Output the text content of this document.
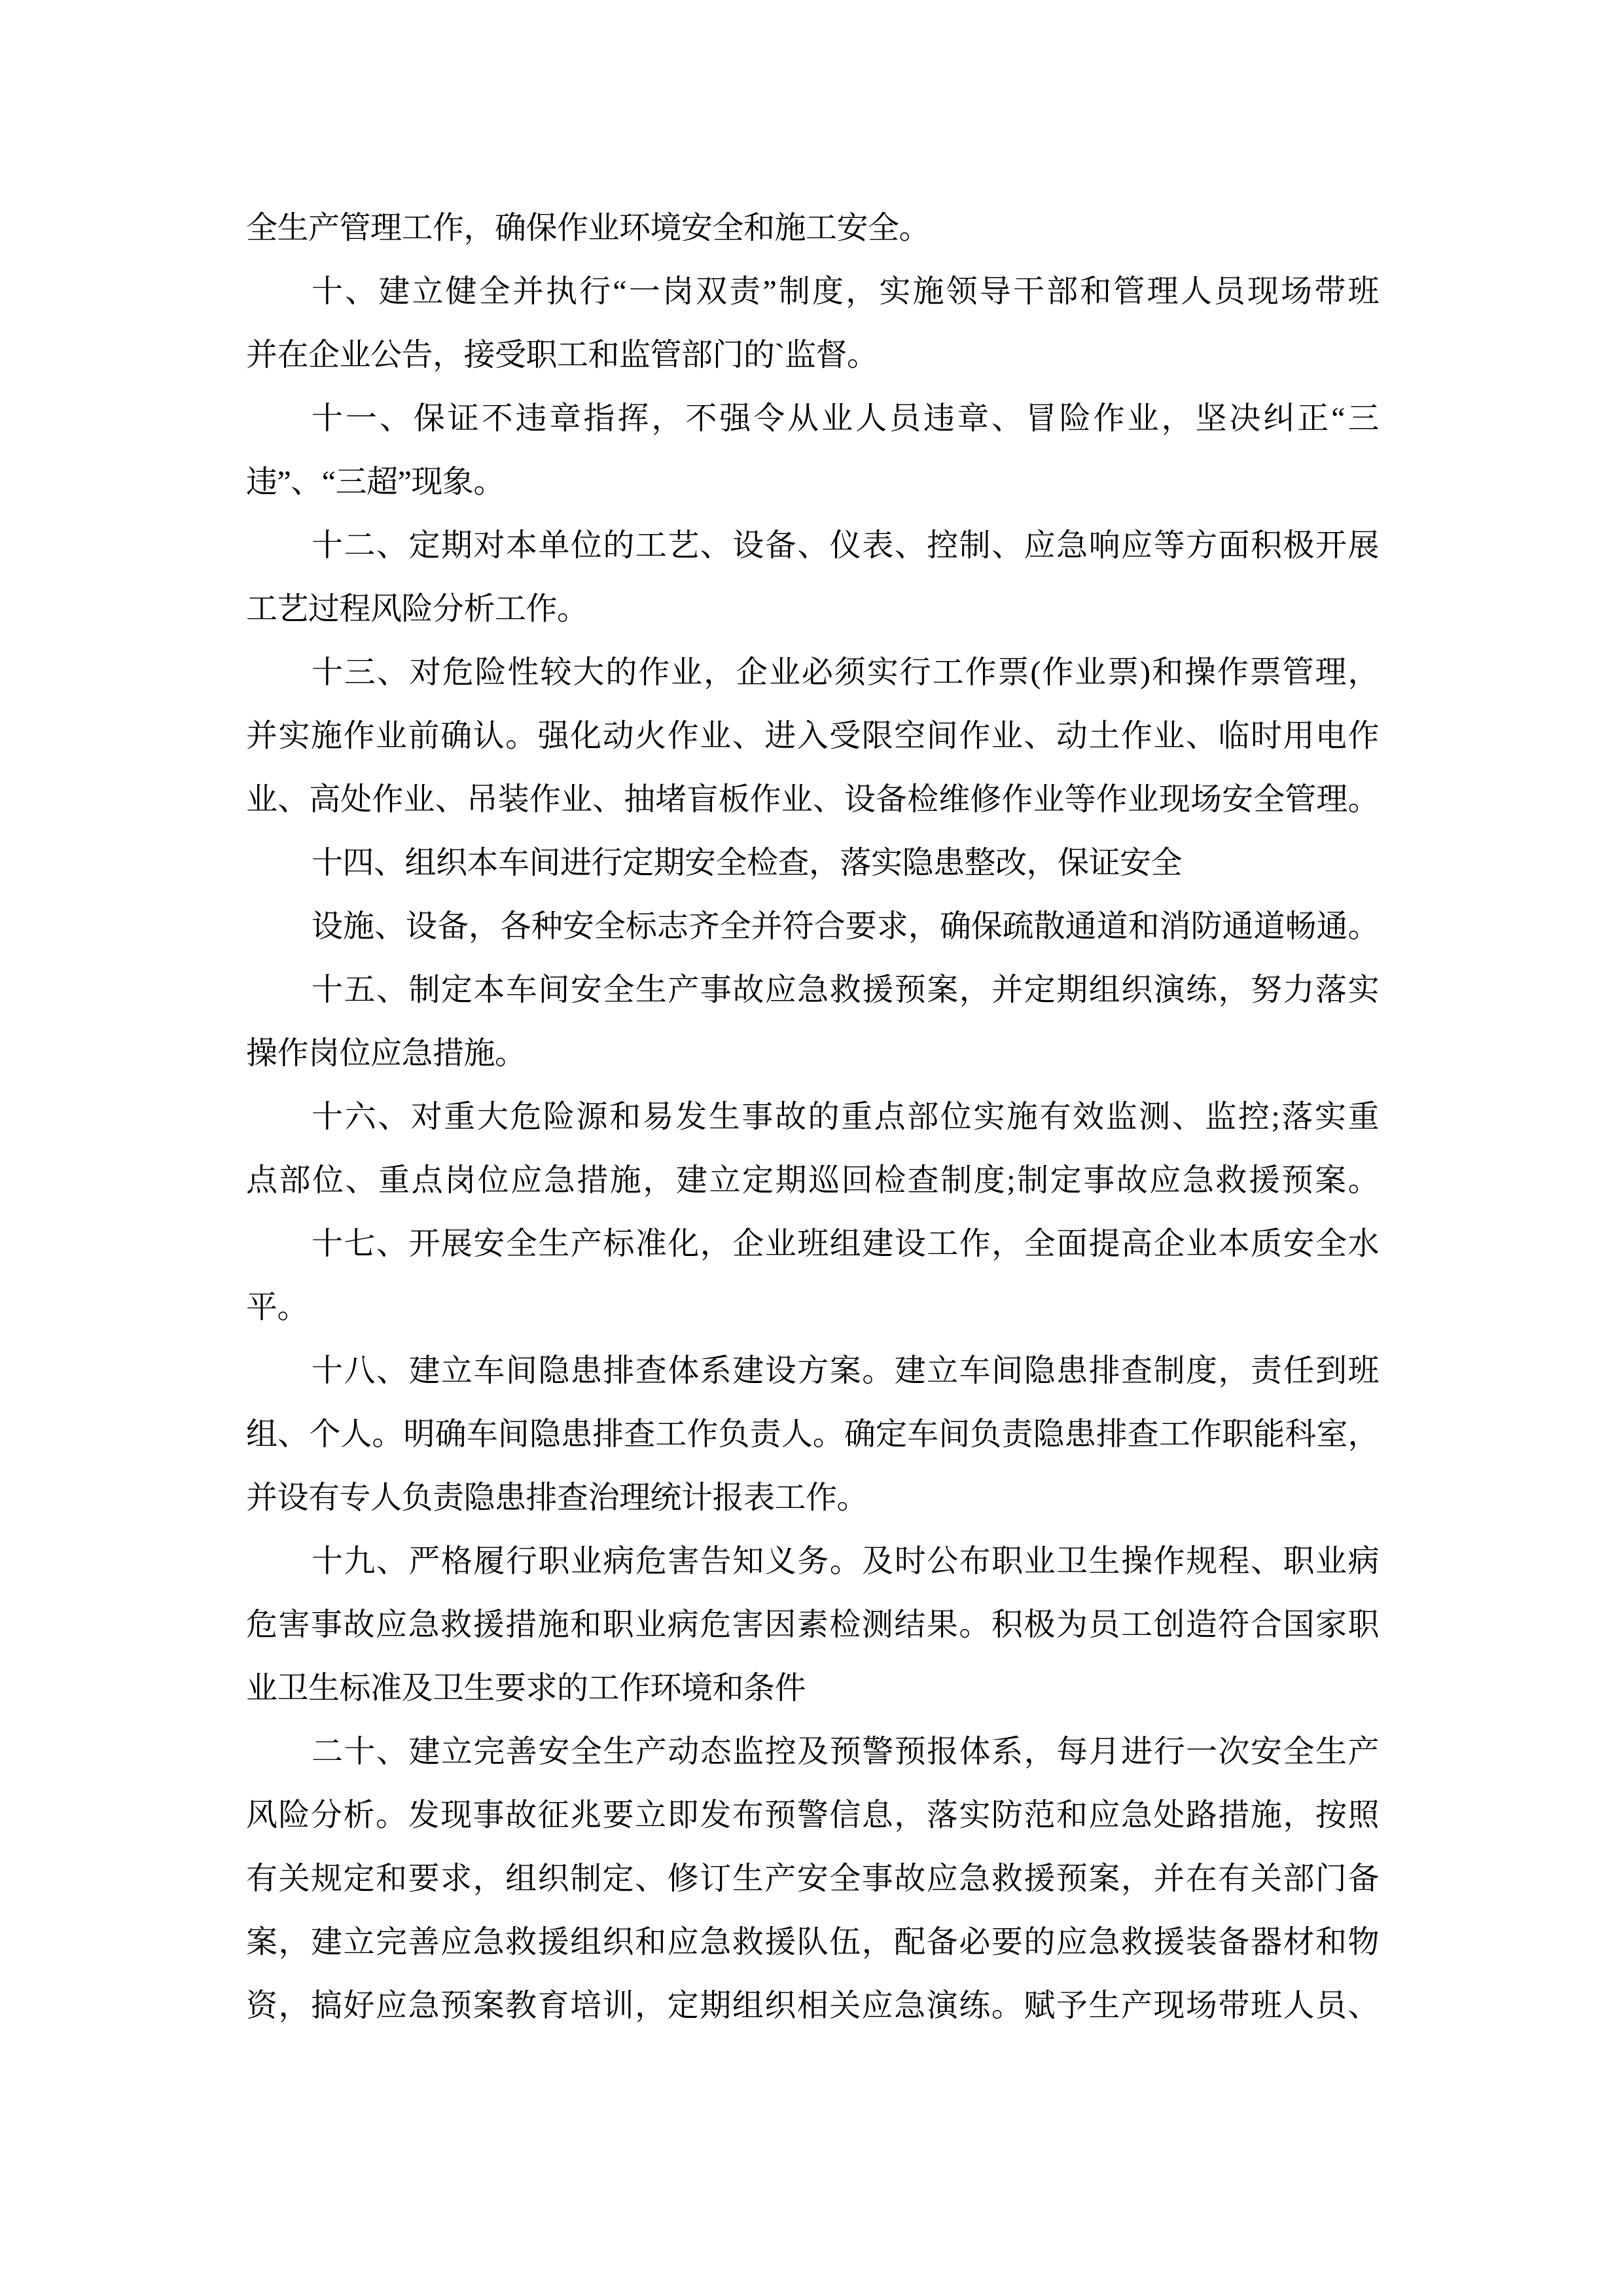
全生产管理工作，确保作业环境安全和施工安全。
十、建立健全并执行“一岗双责”制度，实施领导干部和管理人员现场带班
并在企业公告，接受职工和监管部门的`监督。
十一、保证不违章指挥，不强令从业人员违章、冒险作业，坚决纠正“三
违”、“三超”现象。
十二、定期对本单位的工艺、设备、仪表、控制、应急响应等方面积极开展
工艺过程风险分析工作。
十三、对危险性较大的作业，企业必须实行工作票(作业票)和操作票管理，
并实施作业前确认。强化动火作业、进入受限空间作业、动土作业、临时用电作
业、高处作业、吊装作业、抽堵盲板作业、设备检维修作业等作业现场安全管理。
十四、组织本车间进行定期安全检查，落实隐患整改，保证安全
设施、设备，各种安全标志齐全并符合要求，确保疏散通道和消防通道畅通。
十五、制定本车间安全生产事故应急救援预案，并定期组织演练，努力落实
操作岗位应急措施。
十六、对重大危险源和易发生事故的重点部位实施有效监测、监控;落实重
点部位、重点岗位应急措施，建立定期巡回检查制度;制定事故应急救援预案。
十七、开展安全生产标准化，企业班组建设工作，全面提高企业本质安全水
平。
十八、建立车间隐患排查体系建设方案。建立车间隐患排查制度，责任到班
组、个人。明确车间隐患排查工作负责人。确定车间负责隐患排查工作职能科室，
并设有专人负责隐患排查治理统计报表工作。
十九、严格履行职业病危害告知义务。及时公布职业卫生操作规程、职业病
危害事故应急救援措施和职业病危害因素检测结果。积极为员工创造符合国家职
业卫生标准及卫生要求的工作环境和条件
二十、建立完善安全生产动态监控及预警预报体系，每月进行一次安全生产
风险分析。发现事故征兆要立即发布预警信息，落实防范和应急处路措施，按照
有关规定和要求，组织制定、修订生产安全事故应急救援预案，并在有关部门备
案，建立完善应急救援组织和应急救援队伍，配备必要的应急救援装备器材和物
资，搞好应急预案教育培训，定期组织相关应急演练。赋予生产现场带班人员、
